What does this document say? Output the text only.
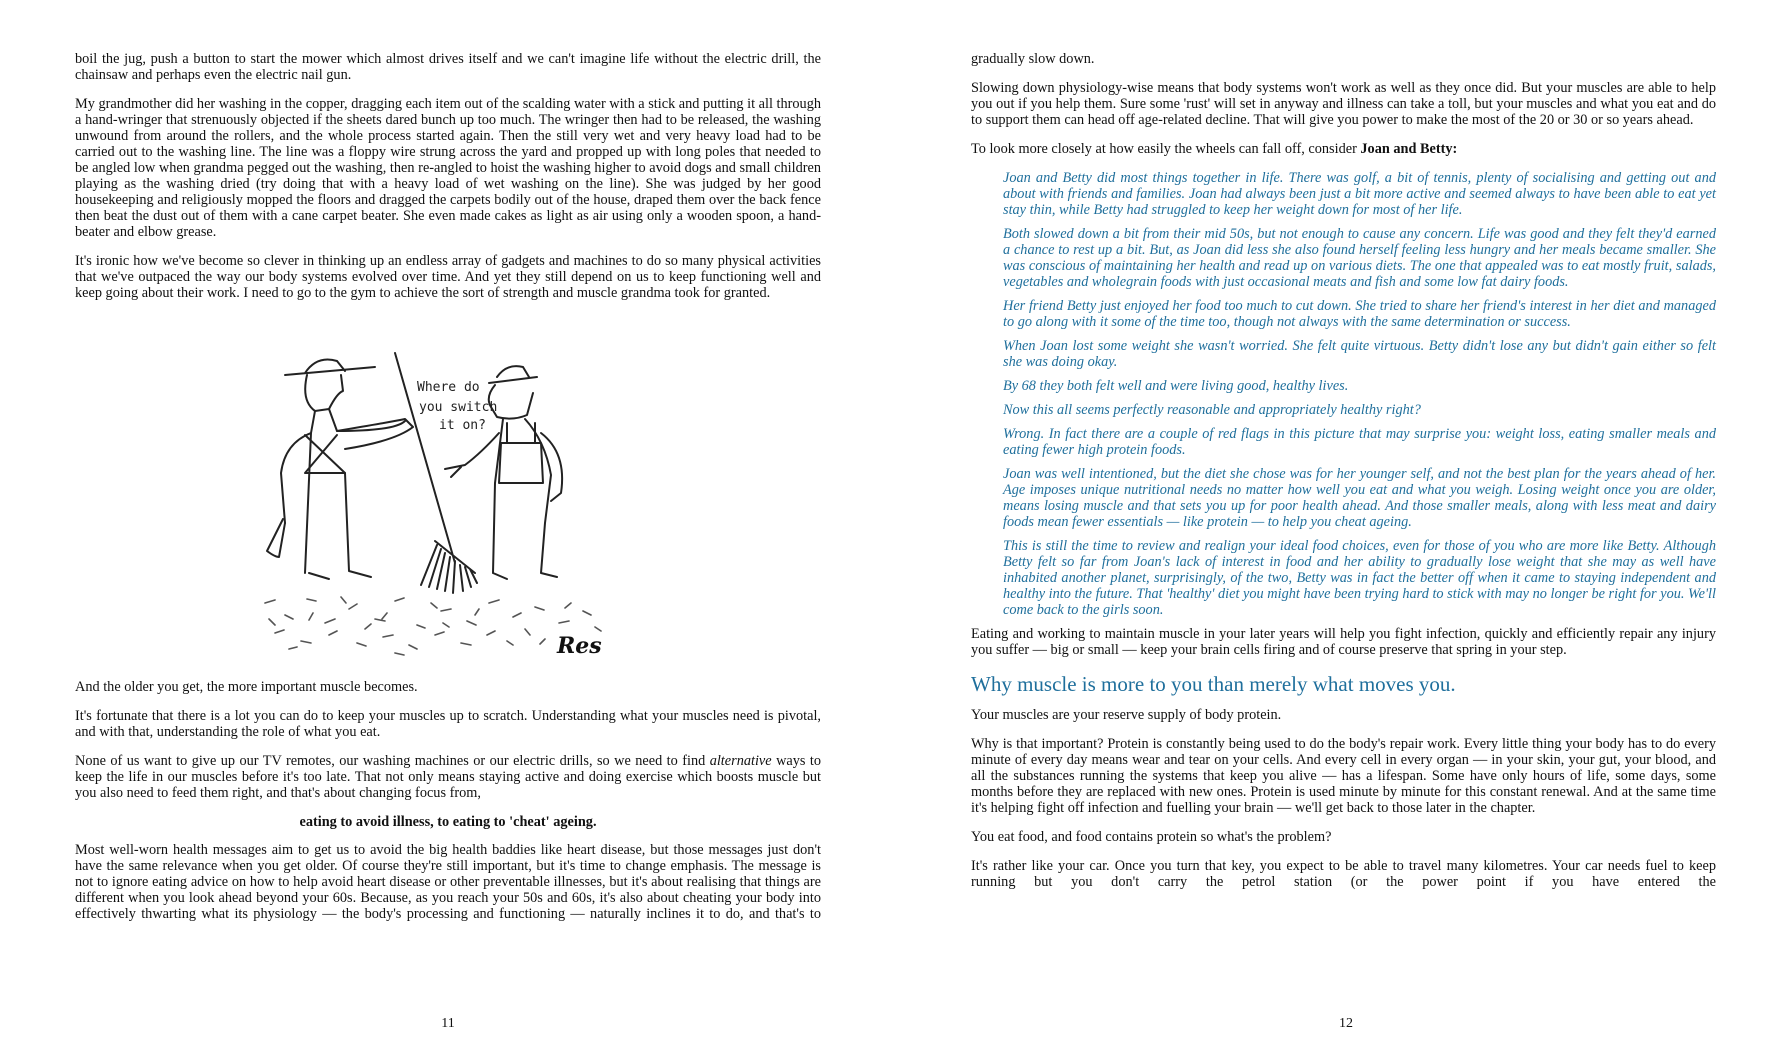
boil the jug, push a button to start the mower which almost drives itself and we can't imagine life without the electric drill, the chainsaw and perhaps even the electric nail gun.

My grandmother did her washing in the copper, dragging each item out of the scalding water with a stick and putting it all through a hand-wringer that strenuously objected if the sheets dared bunch up too much. The wringer then had to be released, the washing unwound from around the rollers, and the whole process started again. Then the still very wet and very heavy load had to be carried out to the washing line. The line was a floppy wire strung across the yard and propped up with long poles that needed to be angled low when grandma pegged out the washing, then re-angled to hoist the washing higher to avoid dogs and small children playing as the washing dried (try doing that with a heavy load of wet washing on the line). She was judged by her good housekeeping and religiously mopped the floors and dragged the carpets bodily out of the house, draped them over the back fence then beat the dust out of them with a cane carpet beater. She even made cakes as light as air using only a wooden spoon, a hand-beater and elbow grease.

It's ironic how we've become so clever in thinking up an endless array of gadgets and machines to do so many physical activities that we've outpaced the way our body systems evolved over time. And yet they still depend on us to keep functioning well and keep going about their work. I need to go to the gym to achieve the sort of strength and muscle grandma took for granted.

Where do
you switch
it on?
Res

And the older you get, the more important muscle becomes.

It's fortunate that there is a lot you can do to keep your muscles up to scratch. Understanding what your muscles need is pivotal, and with that, understanding the role of what you eat.

None of us want to give up our TV remotes, our washing machines or our electric drills, so we need to find alternative ways to keep the life in our muscles before it's too late. That not only means staying active and doing exercise which boosts muscle but you also need to feed them right, and that's about changing focus from,

eating to avoid illness, to eating to 'cheat' ageing.

Most well-worn health messages aim to get us to avoid the big health baddies like heart disease, but those messages just don't have the same relevance when you get older. Of course they're still important, but it's time to change emphasis. The message is not to ignore eating advice on how to help avoid heart disease or other preventable illnesses, but it's about realising that things are different when you look ahead beyond your 60s. Because, as you reach your 50s and 60s, it's also about cheating your body into effectively thwarting what its physiology — the body's processing and functioning — naturally inclines it to do, and that's to

11

gradually slow down.

Slowing down physiology-wise means that body systems won't work as well as they once did. But your muscles are able to help you out if you help them. Sure some 'rust' will set in anyway and illness can take a toll, but your muscles and what you eat and do to support them can head off age-related decline. That will give you power to make the most of the 20 or 30 or so years ahead.

To look more closely at how easily the wheels can fall off, consider Joan and Betty:

Joan and Betty did most things together in life. There was golf, a bit of tennis, plenty of socialising and getting out and about with friends and families. Joan had always been just a bit more active and seemed always to have been able to eat yet stay thin, while Betty had struggled to keep her weight down for most of her life.

Both slowed down a bit from their mid 50s, but not enough to cause any concern. Life was good and they felt they'd earned a chance to rest up a bit. But, as Joan did less she also found herself feeling less hungry and her meals became smaller. She was conscious of maintaining her health and read up on various diets. The one that appealed was to eat mostly fruit, salads, vegetables and wholegrain foods with just occasional meats and fish and some low fat dairy foods.

Her friend Betty just enjoyed her food too much to cut down. She tried to share her friend's interest in her diet and managed to go along with it some of the time too, though not always with the same determination or success.

When Joan lost some weight she wasn't worried. She felt quite virtuous. Betty didn't lose any but didn't gain either so felt she was doing okay.

By 68 they both felt well and were living good, healthy lives.

Now this all seems perfectly reasonable and appropriately healthy right?

Wrong. In fact there are a couple of red flags in this picture that may surprise you: weight loss, eating smaller meals and eating fewer high protein foods.

Joan was well intentioned, but the diet she chose was for her younger self, and not the best plan for the years ahead of her. Age imposes unique nutritional needs no matter how well you eat and what you weigh. Losing weight once you are older, means losing muscle and that sets you up for poor health ahead. And those smaller meals, along with less meat and dairy foods mean fewer essentials — like protein — to help you cheat ageing.

This is still the time to review and realign your ideal food choices, even for those of you who are more like Betty. Although Betty felt so far from Joan's lack of interest in food and her ability to gradually lose weight that she may as well have inhabited another planet, surprisingly, of the two, Betty was in fact the better off when it came to staying independent and healthy into the future. That 'healthy' diet you might have been trying hard to stick with may no longer be right for you. We'll come back to the girls soon.

Eating and working to maintain muscle in your later years will help you fight infection, quickly and efficiently repair any injury you suffer — big or small — keep your brain cells firing and of course preserve that spring in your step.

Why muscle is more to you than merely what moves you.

Your muscles are your reserve supply of body protein.

Why is that important? Protein is constantly being used to do the body's repair work. Every little thing your body has to do every minute of every day means wear and tear on your cells. And every cell in every organ — in your skin, your gut, your blood, and all the substances running the systems that keep you alive — has a lifespan. Some have only hours of life, some days, some months before they are replaced with new ones. Protein is used minute by minute for this constant renewal. And at the same time it's helping fight off infection and fuelling your brain — we'll get back to those later in the chapter.

You eat food, and food contains protein so what's the problem?

It's rather like your car. Once you turn that key, you expect to be able to travel many kilometres. Your car needs fuel to keep running but you don't carry the petrol station (or the power point if you have entered the

12
